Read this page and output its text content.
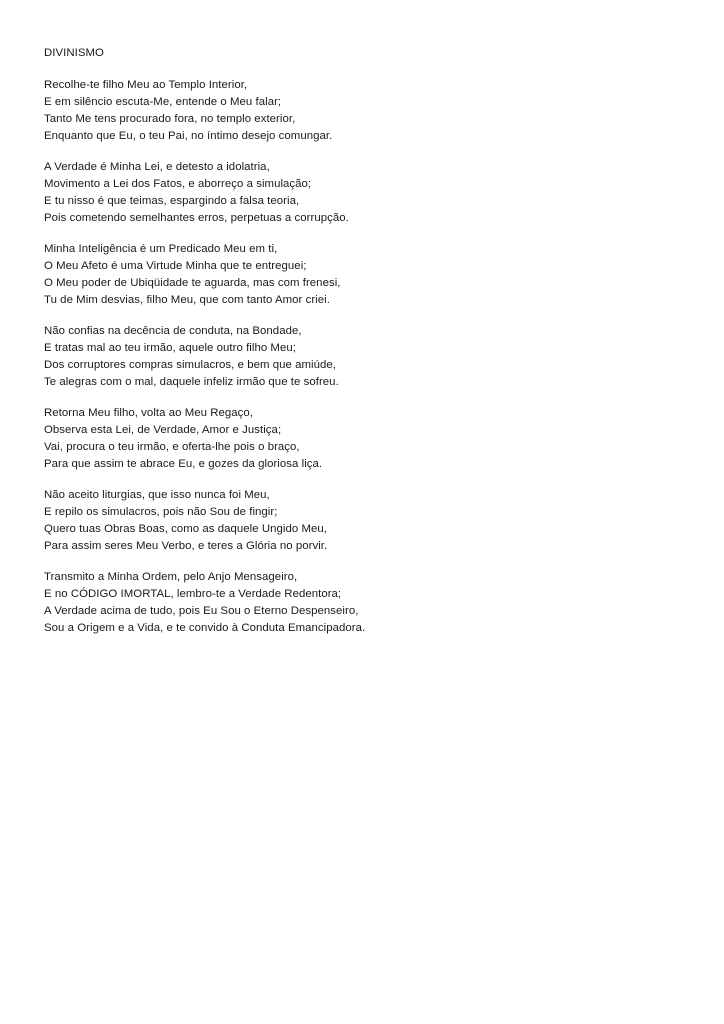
DIVINISMO
Recolhe-te filho Meu ao Templo Interior,
E em silêncio escuta-Me, entende o Meu falar;
Tanto Me tens procurado fora, no templo exterior,
Enquanto que Eu, o teu Pai, no íntimo desejo comungar.
A Verdade é Minha Lei, e detesto a idolatria,
Movimento a Lei dos Fatos, e aborreço a simulação;
E tu nisso é que teimas, espargindo a falsa teoria,
Pois cometendo semelhantes erros, perpetuas a corrupção.
Minha Inteligência é um Predicado Meu em ti,
O Meu Afeto é uma Virtude Minha que te entreguei;
O Meu poder de Ubiqüidade te aguarda, mas com frenesi,
Tu de Mim desvias, filho Meu, que com tanto Amor criei.
Não confias na decência de conduta, na Bondade,
E tratas mal ao teu irmão, aquele outro filho Meu;
Dos corruptores compras simulacros, e bem que amiúde,
Te alegras com o mal, daquele infeliz irmão que te sofreu.
Retorna Meu filho, volta ao Meu Regaço,
Observa esta Lei, de Verdade, Amor e Justiça;
Vai, procura o teu irmão, e oferta-lhe pois o braço,
Para que assim te abrace Eu, e gozes da gloriosa liça.
Não aceito liturgias, que isso nunca foi Meu,
E repilo os simulacros, pois não Sou de fingir;
Quero tuas Obras Boas, como as daquele Ungido Meu,
Para assim seres Meu Verbo, e teres a Glória no porvir.
Transmito a Minha Ordem, pelo Anjo Mensageiro,
E no CÓDIGO IMORTAL, lembro-te a Verdade Redentora;
A Verdade acima de tudo, pois Eu Sou o Eterno Despenseiro,
Sou a Origem e a Vida, e te convido à Conduta Emancipadora.
